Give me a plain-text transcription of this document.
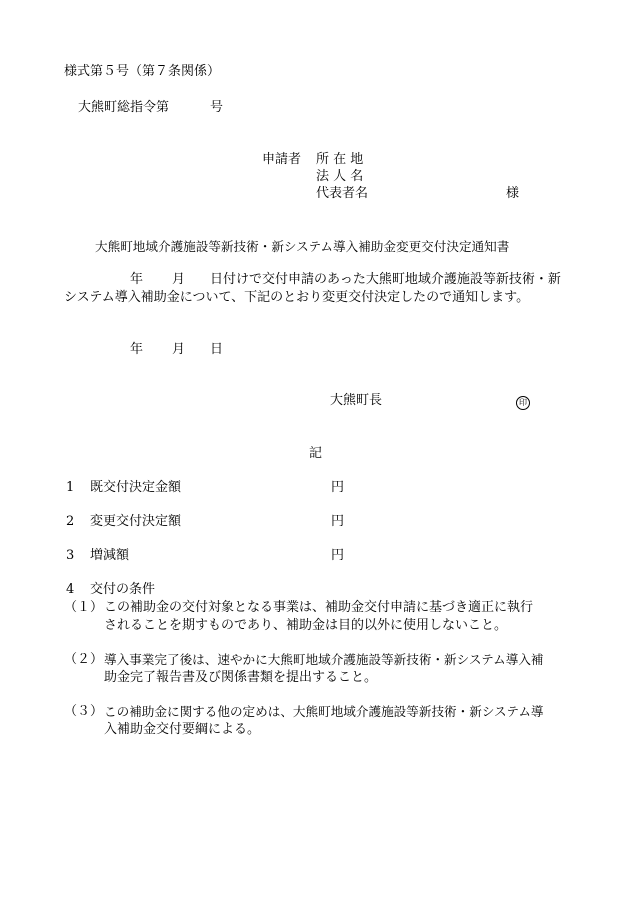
様式第５号（第７条関係）
大熊町総指令第	号
申請者 所 在 地
法 人 名
代表者名	様
大熊町地域介護施設等新技術・新システム導入補助金変更交付決定通知書
年 月 日付けで交付申請のあった大熊町地域介護施設等新技術・新
システム導入補助金について、下記のとおり変更交付決定したので通知します。
年 月 日
大熊町長	印
記
1 既交付決定金額	円
2 変更交付決定額	円
3 増減額	円
4 交付の条件
（１） この補助金の交付対象となる事業は、補助金交付申請に基づき適正に執行
されることを期すものであり、補助金は目的以外に使用しないこと。
（２） 導入事業完了後は、速やかに大熊町地域介護施設等新技術・新システム導入補
助金完了報告書及び関係書類を提出すること。
（３） この補助金に関する他の定めは、大熊町地域介護施設等新技術・新システム導
入補助金交付要綱による。
